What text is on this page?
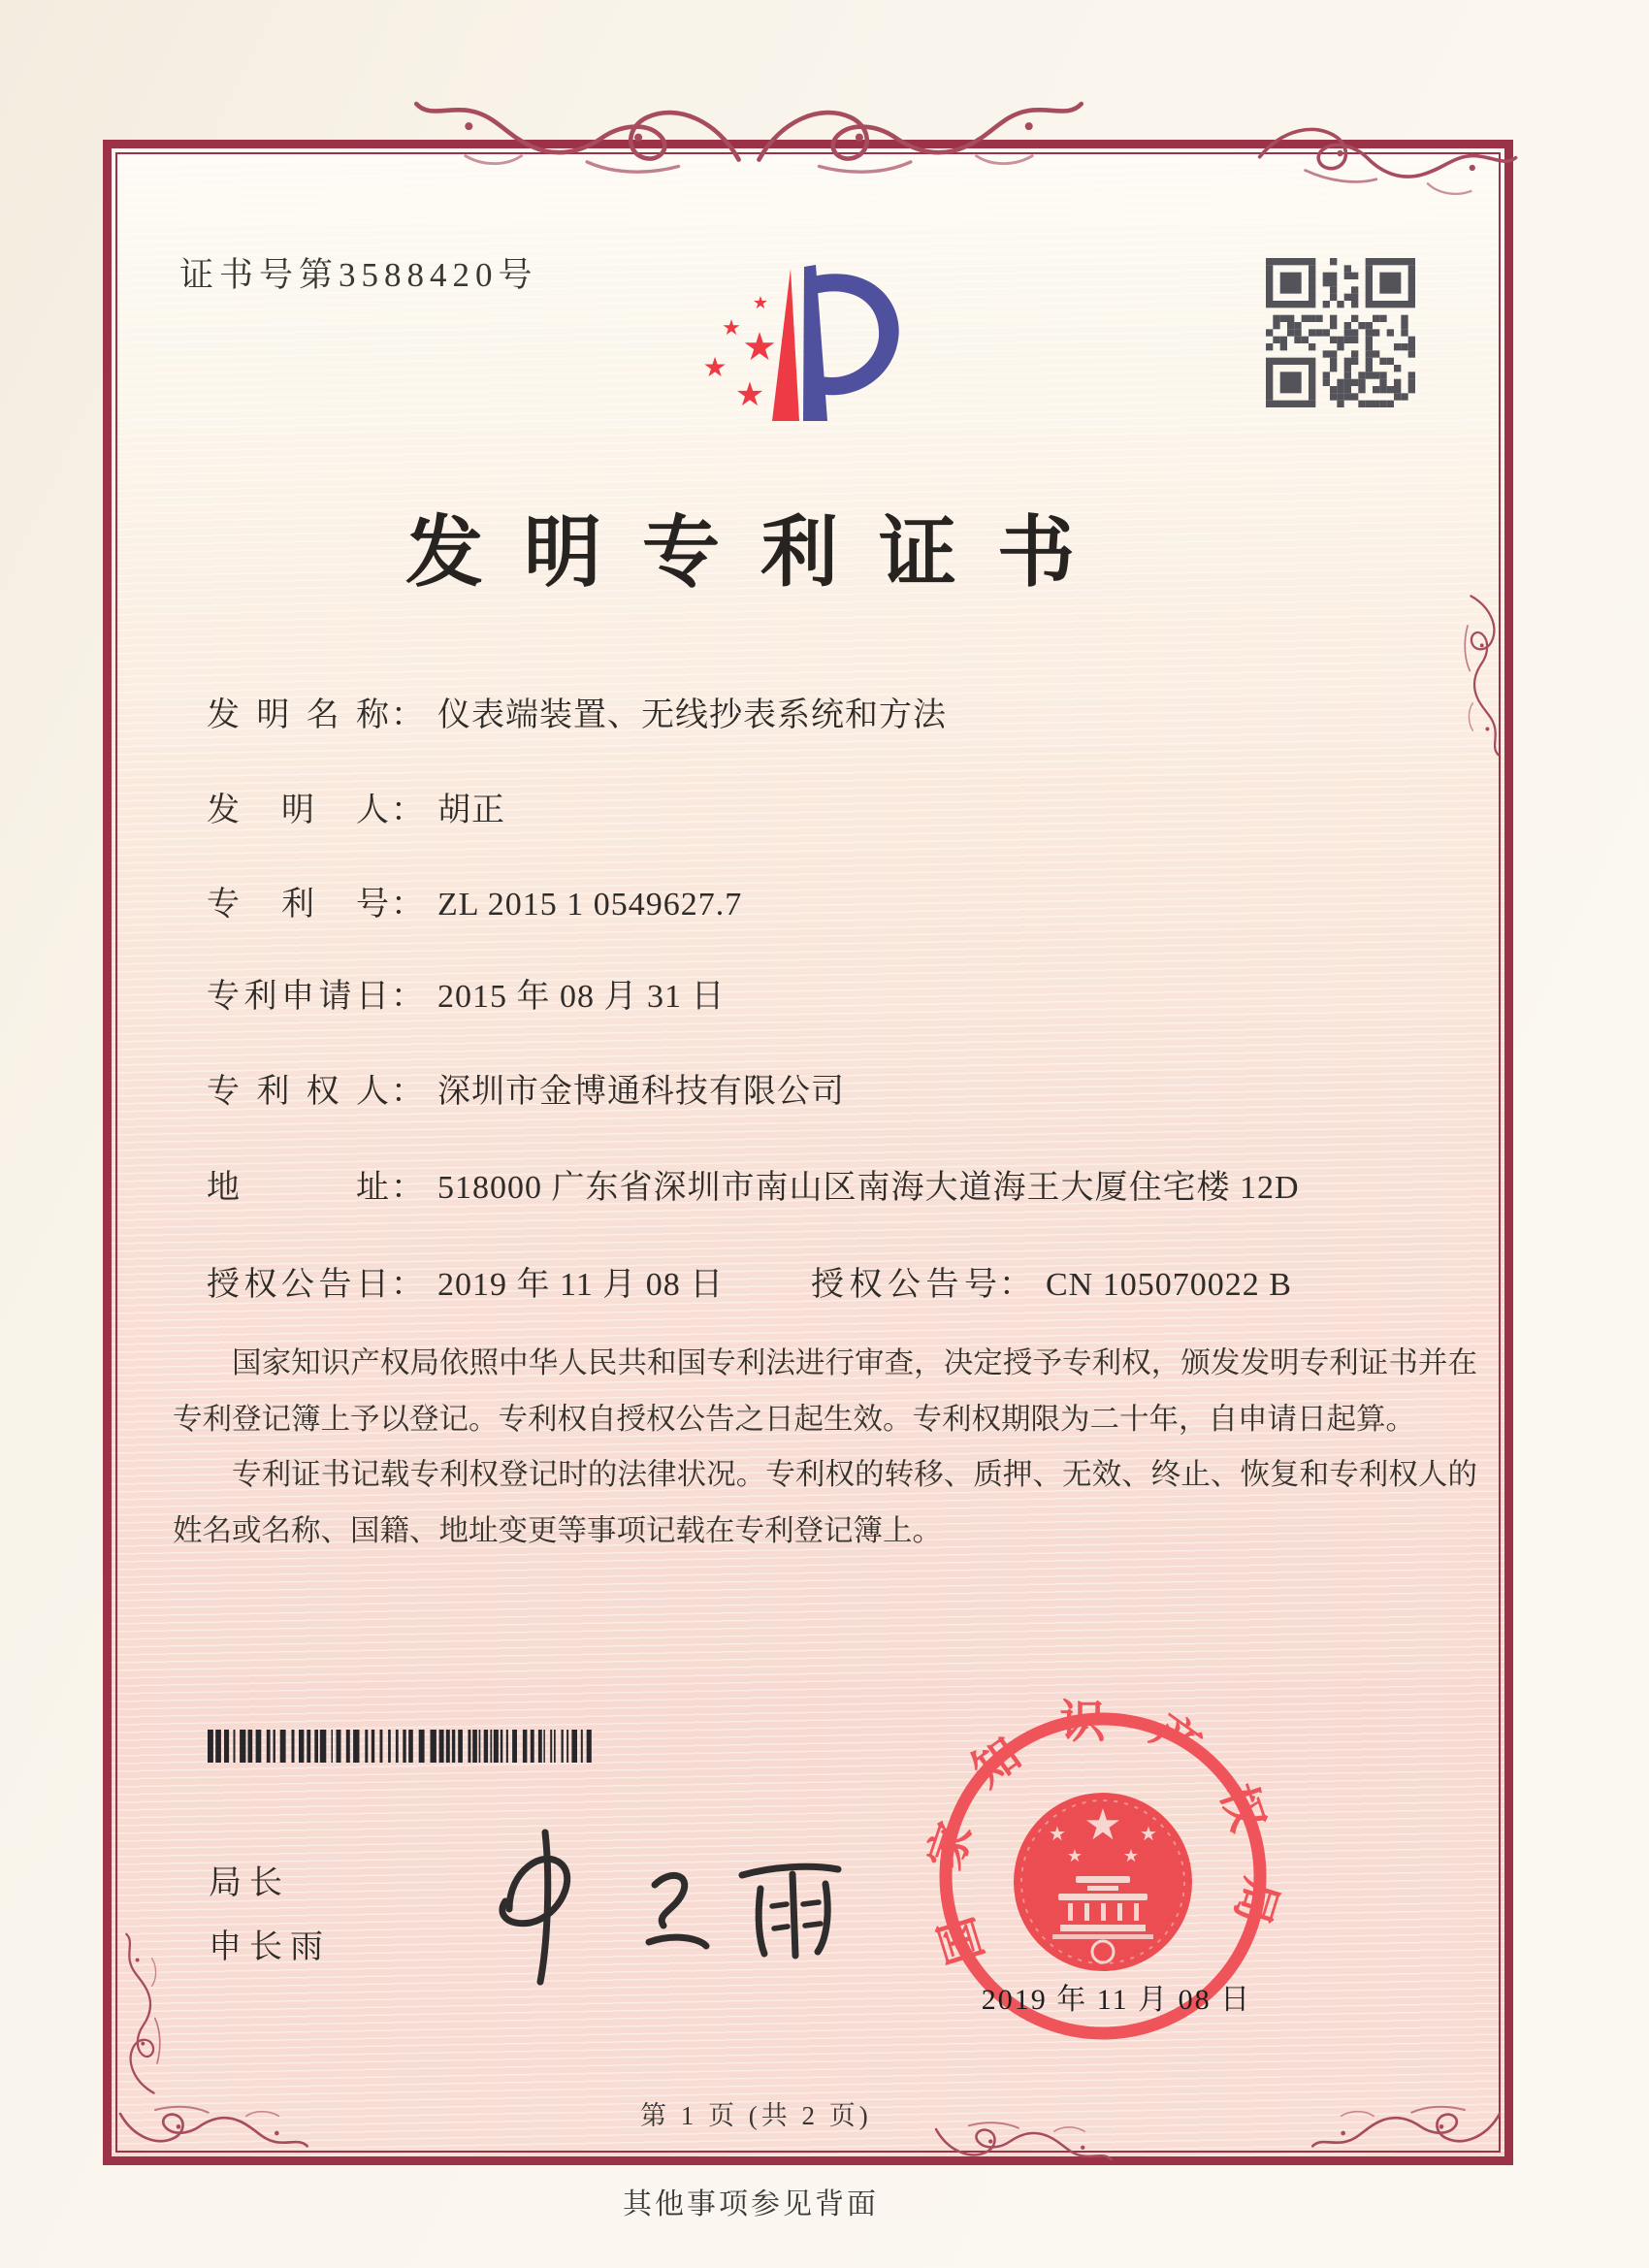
证书号第3588420号
★
★ ★
★
★
发明专利证书
发明名称： 仪表端装置、无线抄表系统和方法
发明人： 胡正
专利号： ZL 2015 1 0549627.7
专利申请日： 2015 年 08 月 31 日
专利权人： 深圳市金博通科技有限公司
地址： 518000 广东省深圳市南山区南海大道海王大厦住宅楼 12D
授权公告日： 2019 年 11 月 08 日	授权公告号： CN 105070022 B

国家知识产权局依照中华人民共和国专利法进行审查，决定授予专利权，颁发发明专利证书并在专利登记簿上予以登记。专利权自授权公告之日起生效。专利权期限为二十年，自申请日起算。

专利证书记载专利权登记时的法律状况。专利权的转移、质押、无效、终止、恢复和专利权人的姓名或名称、国籍、地址变更等事项记载在专利登记簿上。

局长
申长雨	国家知识产权局
★
★	★
★ ★
2019 年 11 月 08 日
第 1 页 (共 2 页)
其他事项参见背面
